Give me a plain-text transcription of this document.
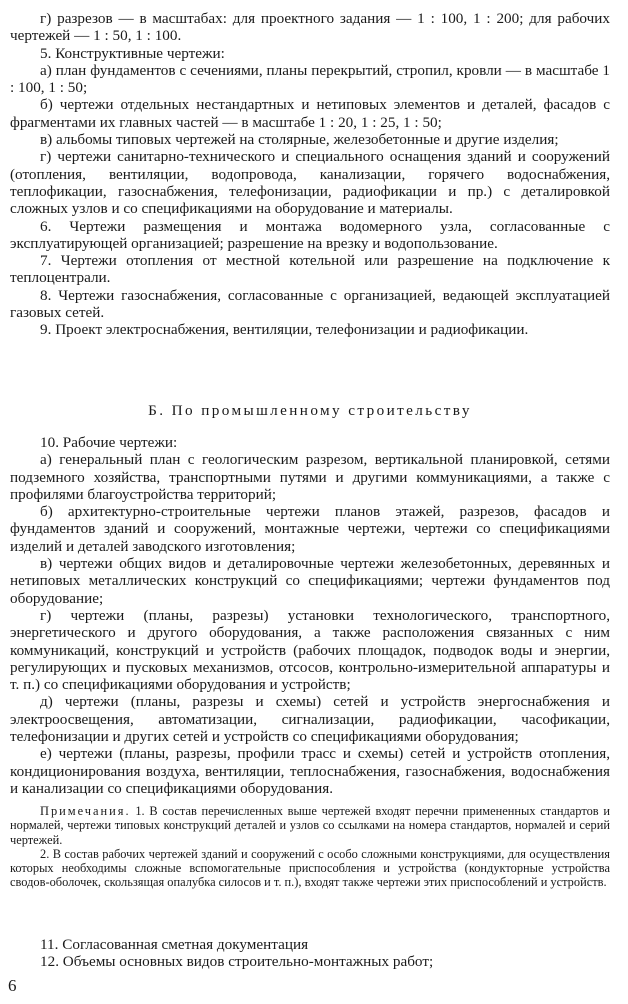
г) разрезов — в масштабах: для проектного задания — 1 : 100, 1 : 200; для рабочих чертежей — 1 : 50, 1 : 100.

5. Конструктивные чертежи:

а) план фундаментов с сечениями, планы перекрытий, стропил, кровли — в масштабе 1 : 100, 1 : 50;

б) чертежи отдельных нестандартных и нетиповых элементов и деталей, фасадов с фрагментами их главных частей — в масштабе 1 : 20, 1 : 25, 1 : 50;

в) альбомы типовых чертежей на столярные, железобетонные и другие изделия;

г) чертежи санитарно-технического и специального оснащения зданий и сооружений (отопления, вентиляции, водопровода, канализации, горячего водоснабжения, теплофикации, газоснабжения, телефонизации, радиофикации и пр.) с деталировкой сложных узлов и со спецификациями на оборудование и материалы.

6. Чертежи размещения и монтажа водомерного узла, согласованные с эксплуатирующей организацией; разрешение на врезку и водопользование.

7. Чертежи отопления от местной котельной или разрешение на подключение к теплоцентрали.

8. Чертежи газоснабжения, согласованные с организацией, ведающей эксплуатацией газовых сетей.

9. Проект электроснабжения, вентиляции, телефонизации и радиофикации.

Б. По промышленному строительству

10. Рабочие чертежи:

а) генеральный план с геологическим разрезом, вертикальной планировкой, сетями подземного хозяйства, транспортными путями и другими коммуникациями, а также с профилями благоустройства территорий;

б) архитектурно-строительные чертежи планов этажей, разрезов, фасадов и фундаментов зданий и сооружений, монтажные чертежи, чертежи со спецификациями изделий и деталей заводского изготовления;

в) чертежи общих видов и деталировочные чертежи железобетонных, деревянных и нетиповых металлических конструкций со спецификациями; чертежи фундаментов под оборудование;

г) чертежи (планы, разрезы) установки технологического, транспортного, энергетического и другого оборудования, а также расположения связанных с ним коммуникаций, конструкций и устройств (рабочих площадок, подводок воды и энергии, регулирующих и пусковых механизмов, отсосов, контрольно-измерительной аппаратуры и т. п.) со спецификациями оборудования и устройств;

д) чертежи (планы, разрезы и схемы) сетей и устройств энергоснабжения и электроосвещения, автоматизации, сигнализации, радиофикации, часофикации, телефонизации и других сетей и устройств со спецификациями оборудования;

е) чертежи (планы, разрезы, профили трасс и схемы) сетей и устройств отопления, кондиционирования воздуха, вентиляции, теплоснабжения, газоснабжения, водоснабжения и канализации со спецификациями оборудования.

Примечания. 1. В состав перечисленных выше чертежей входят перечни примененных стандартов и нормалей, чертежи типовых конструкций деталей и узлов со ссылками на номера стандартов, нормалей и серий чертежей.

2. В состав рабочих чертежей зданий и сооружений с особо сложными конструкциями, для осуществления которых необходимы сложные вспомогательные приспособления и устройства (кондукторные устройства сводов-оболочек, скользящая опалубка силосов и т. п.), входят также чертежи этих приспособлений и устройств.

11. Согласованная сметная документация

12. Объемы основных видов строительно-монтажных работ;

6
